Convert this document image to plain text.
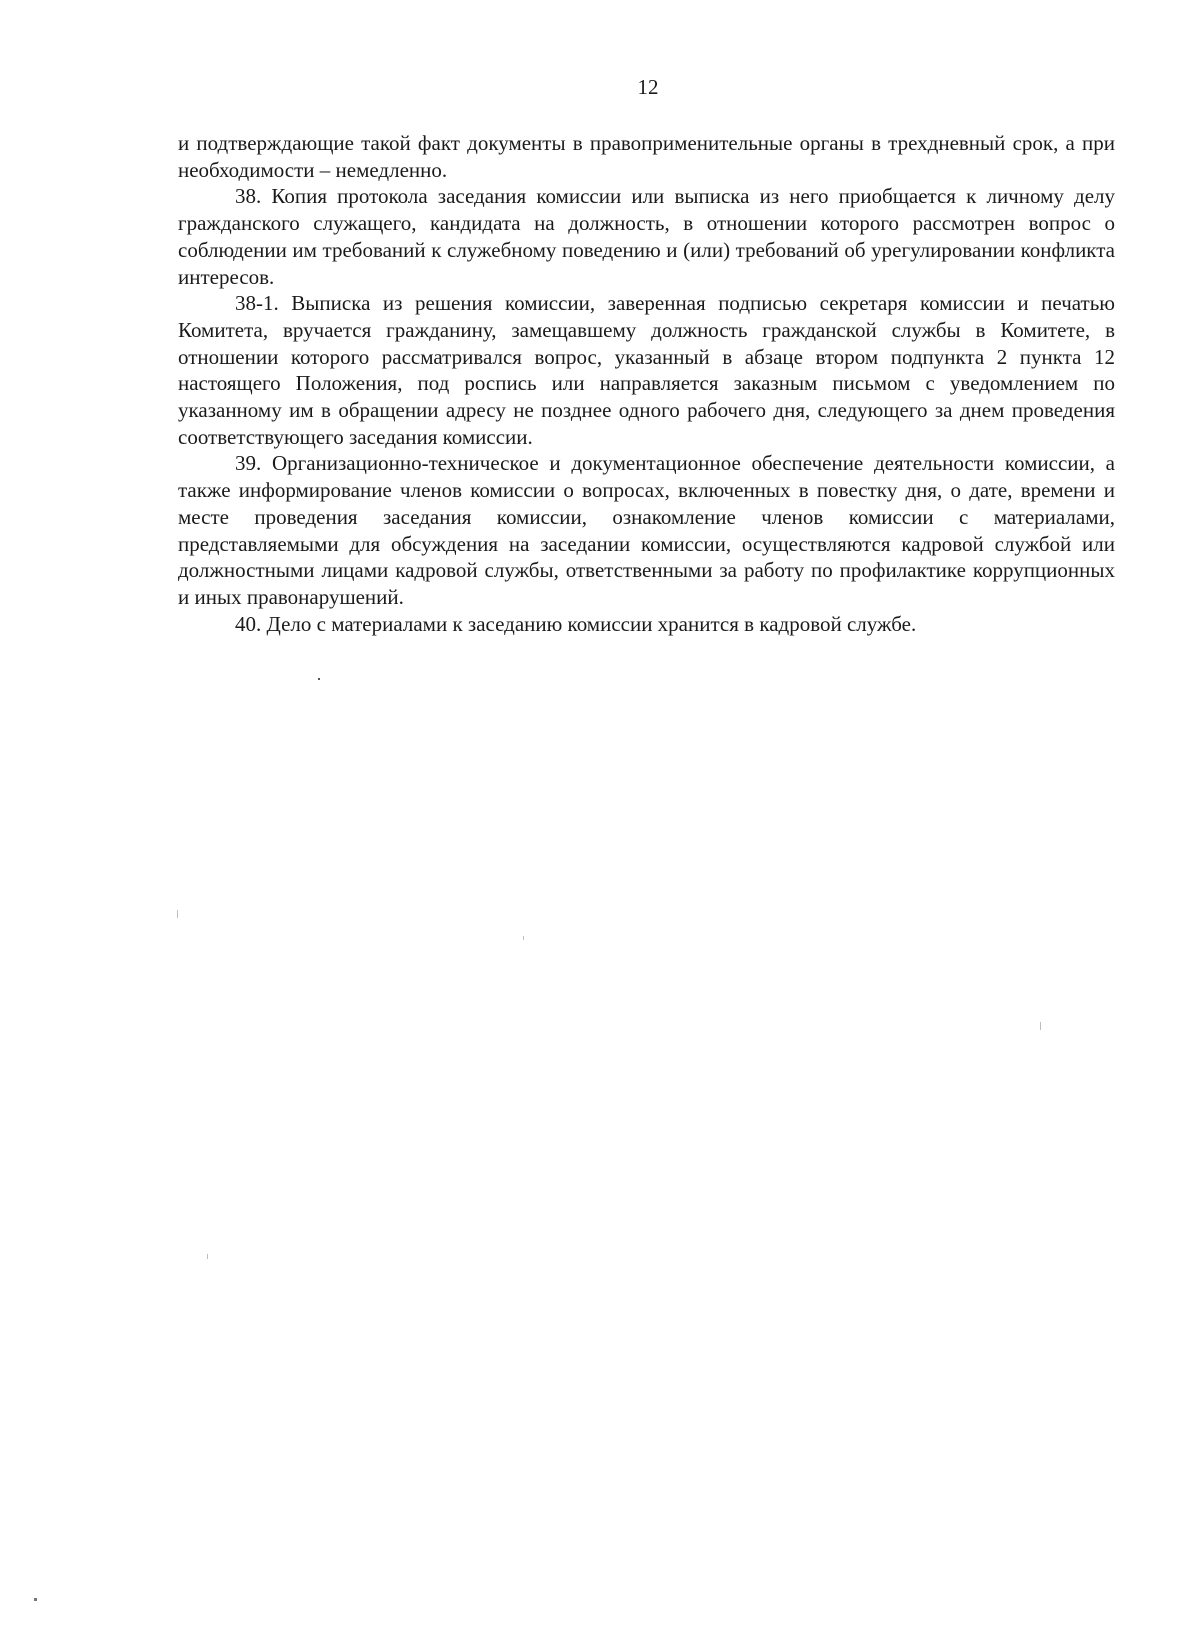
12

и подтверждающие такой факт документы в правоприменительные органы в трехдневный срок, а при необходимости – немедленно.

38. Копия протокола заседания комиссии или выписка из него приобщается к личному делу гражданского служащего, кандидата на должность, в отношении которого рассмотрен вопрос о соблюдении им требований к служебному поведению и (или) требований об урегулировании конфликта интересов.

38-1. Выписка из решения комиссии, заверенная подписью секретаря комиссии и печатью Комитета, вручается гражданину, замещавшему должность гражданской службы в Комитете, в отношении которого рассматривался вопрос, указанный в абзаце втором подпункта 2 пункта 12 настоящего Положения, под роспись или направляется заказным письмом с уведомлением по указанному им в обращении адресу не позднее одного рабочего дня, следующего за днем проведения соответствующего заседания комиссии.

39. Организационно-техническое и документационное обеспечение деятельности комиссии, а также информирование членов комиссии о вопросах, включенных в повестку дня, о дате, времени и месте проведения заседания комиссии, ознакомление членов комиссии с материалами, представляемыми для обсуждения на заседании комиссии, осуществляются кадровой службой или должностными лицами кадровой службы, ответственными за работу по профилактике коррупционных и иных правонарушений.

40. Дело с материалами к заседанию комиссии хранится в кадровой службе.
